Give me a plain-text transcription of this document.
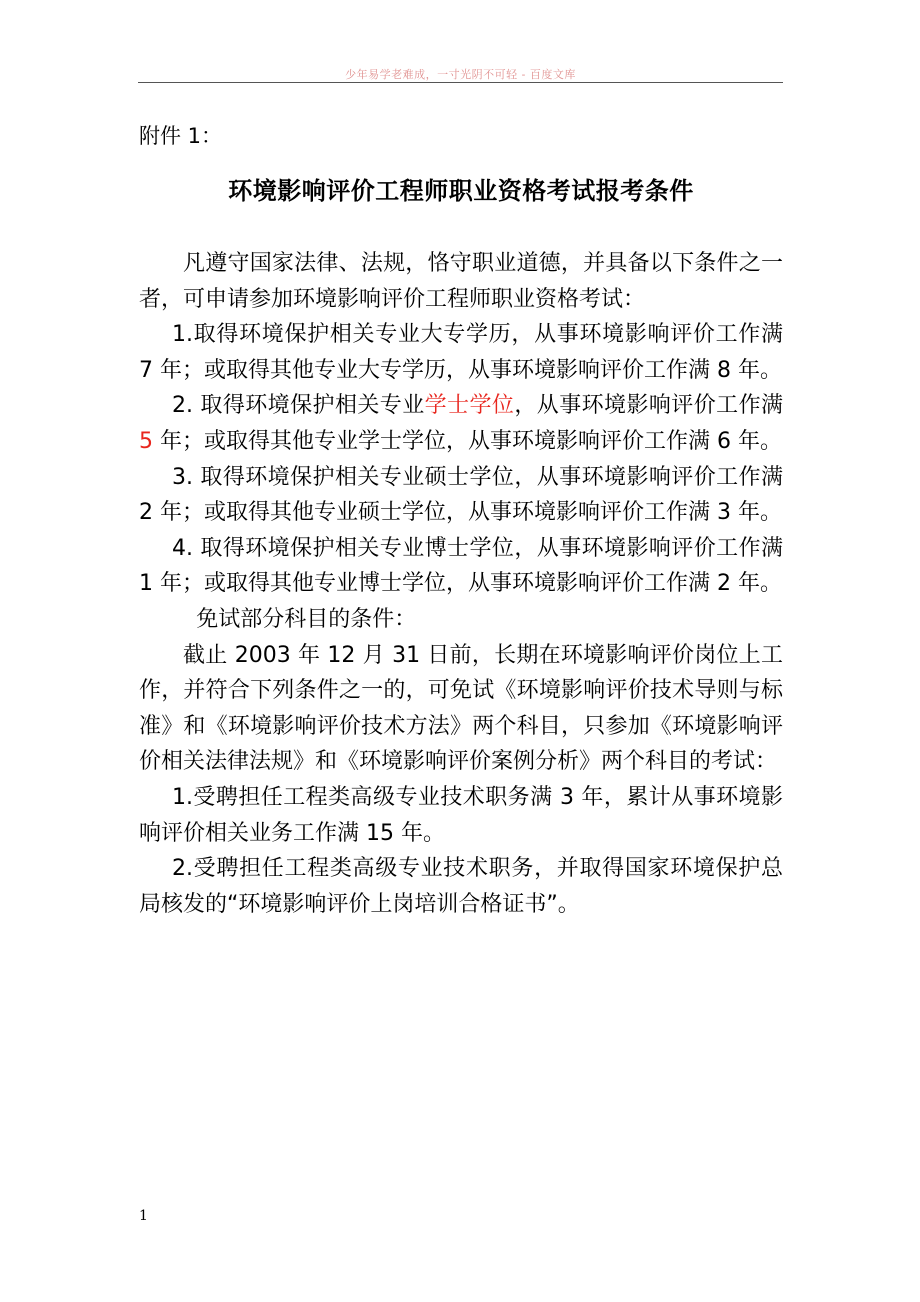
少年易学老难成，一寸光阴不可轻 - 百度文库

附件 1：

环境影响评价工程师职业资格考试报考条件

凡遵守国家法律、法规，恪守职业道德，并具备以下条件之一者，可申请参加环境影响评价工程师职业资格考试：

1.取得环境保护相关专业大专学历，从事环境影响评价工作满 7 年；或取得其他专业大专学历，从事环境影响评价工作满 8 年。

2. 取得环境保护相关专业学士学位，从事环境影响评价工作满 5 年；或取得其他专业学士学位，从事环境影响评价工作满 6 年。

3. 取得环境保护相关专业硕士学位，从事环境影响评价工作满 2 年；或取得其他专业硕士学位，从事环境影响评价工作满 3 年。

4. 取得环境保护相关专业博士学位，从事环境影响评价工作满 1 年；或取得其他专业博士学位，从事环境影响评价工作满 2 年。

免试部分科目的条件：

截止 2003 年 12 月 31 日前，长期在环境影响评价岗位上工作，并符合下列条件之一的，可免试《环境影响评价技术导则与标准》和《环境影响评价技术方法》两个科目，只参加《环境影响评价相关法律法规》和《环境影响评价案例分析》两个科目的考试：

1.受聘担任工程类高级专业技术职务满 3 年，累计从事环境影响评价相关业务工作满 15 年。

2.受聘担任工程类高级专业技术职务，并取得国家环境保护总局核发的“环境影响评价上岗培训合格证书”。

1
